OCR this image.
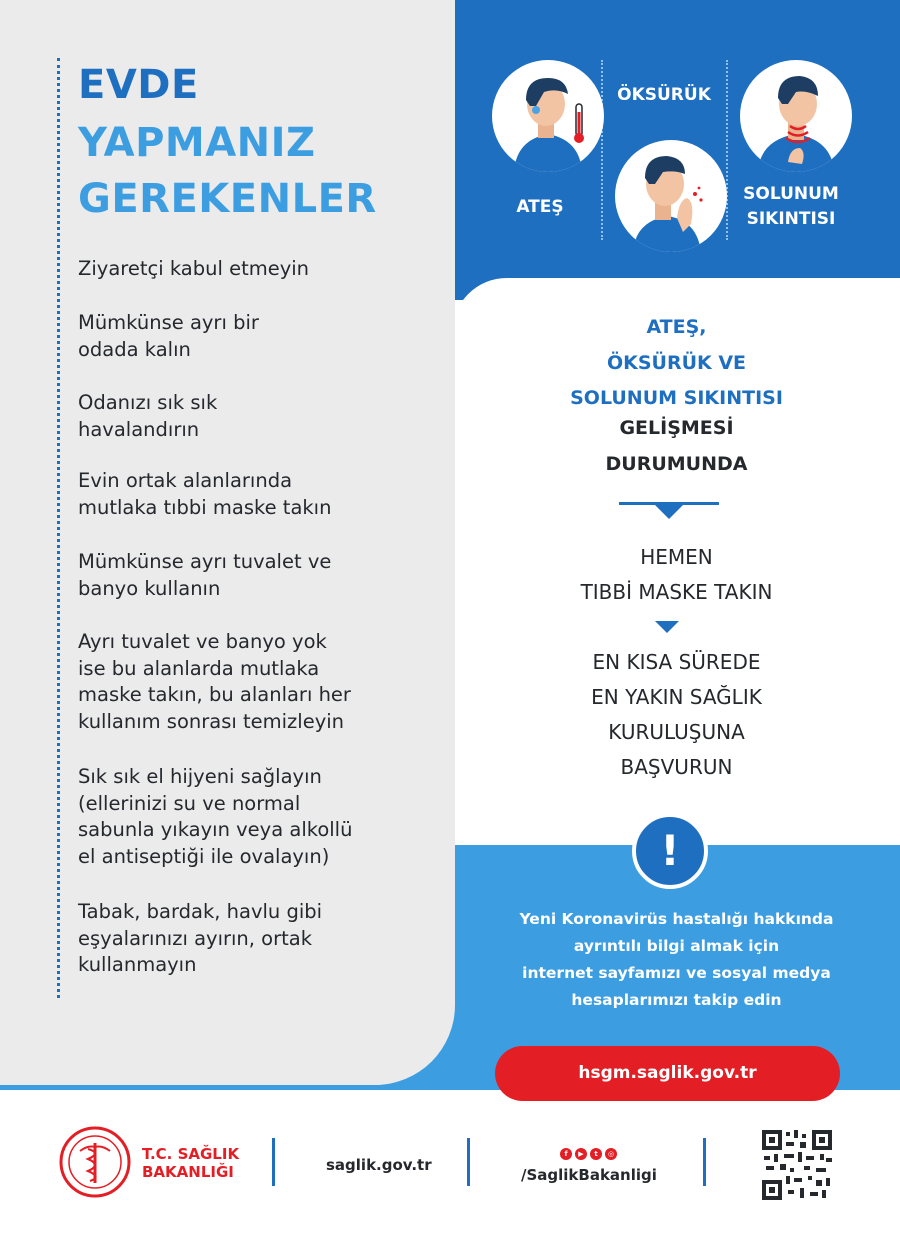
EVDE
YAPMANIZ
GEREKENLER
Ziyaretçi kabul etmeyin
Mümkünse ayrı bir
odada kalın
Odanızı sık sık
havalandırın
Evin ortak alanlarında
mutlaka tıbbi maske takın
Mümkünse ayrı tuvalet ve
banyo kullanın
Ayrı tuvalet ve banyo yok
ise bu alanlarda mutlaka
maske takın, bu alanları her
kullanım sonrası temizleyin
Sık sık el hijyeni sağlayın
(ellerinizi su ve normal
sabunla yıkayın veya alkollü
el antiseptiği ile ovalayın)
Tabak, bardak, havlu gibi
eşyalarınızı ayırın, ortak
kullanmayın
ATEŞ
ÖKSÜRÜK
SOLUNUM
SIKINTISI
ATEŞ,
ÖKSÜRÜK VE
SOLUNUM SIKINTISI
GELİŞMESİ
DURUMUNDA
HEMEN
TIBBİ MASKE TAKIN
EN KISA SÜREDE
EN YAKIN SAĞLIK
KURULUŞUNA
BAŞVURUN
!
Yeni Koronavirüs hastalığı hakkında
ayrıntılı bilgi almak için
internet sayfamızı ve sosyal medya
hesaplarımızı takip edin
hsgm.saglik.gov.tr
T.C. SAĞLIK
BAKANLIĞI	saglik.gov.tr
f	▶	t	◎
/SaglikBakanligi
